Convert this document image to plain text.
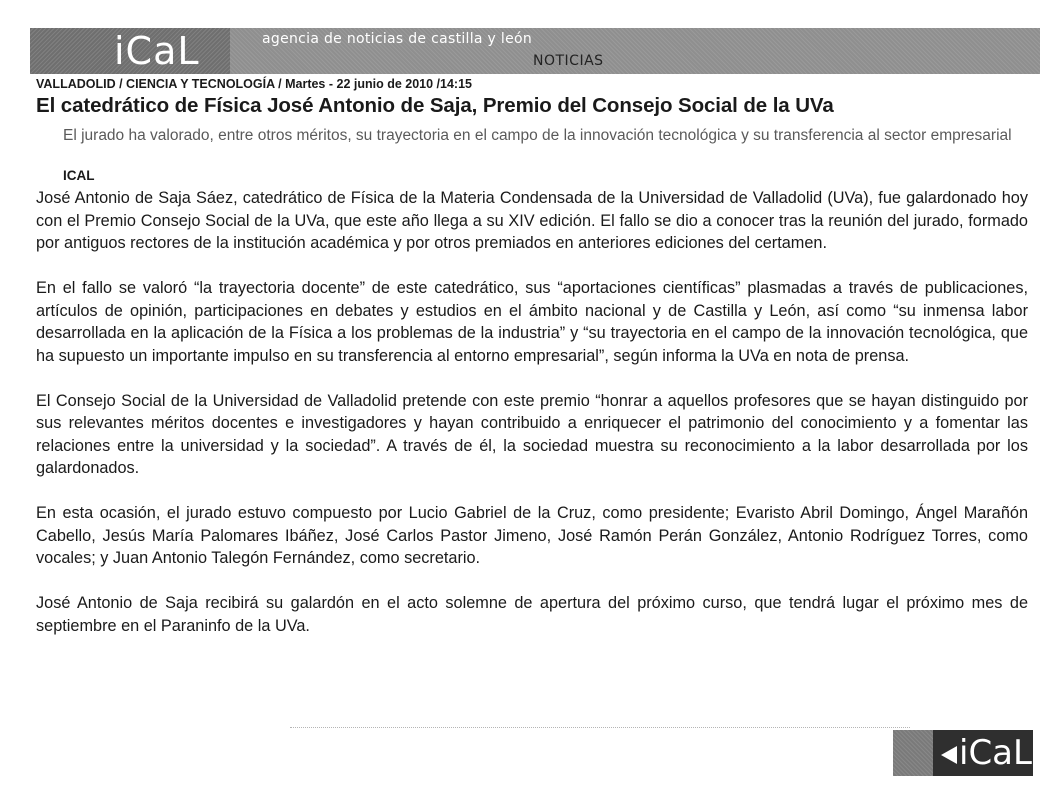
iCaL	agencia de noticias de castilla y león
NOTICIAS
VALLADOLID / CIENCIA Y TECNOLOGÍA / Martes - 22 junio de 2010 /14:15
El catedrático de Física José Antonio de Saja, Premio del Consejo Social de la UVa
El jurado ha valorado, entre otros méritos, su trayectoria en el campo de la innovación tecnológica y su transferencia al sector empresarial
ICAL

José Antonio de Saja Sáez, catedrático de Física de la Materia Condensada de la Universidad de Valladolid (UVa), fue galardonado hoy con el Premio Consejo Social de la UVa, que este año llega a su XIV edición. El fallo se dio a conocer tras la reunión del jurado, formado por antiguos rectores de la institución académica y por otros premiados en anteriores ediciones del certamen.

En el fallo se valoró “la trayectoria docente” de este catedrático, sus “aportaciones científicas” plasmadas a través de publicaciones, artículos de opinión, participaciones en debates y estudios en el ámbito nacional y de Castilla y León, así como “su inmensa labor desarrollada en la aplicación de la Física a los problemas de la industria” y “su trayectoria en el campo de la innovación tecnológica, que ha supuesto un importante impulso en su transferencia al entorno empresarial”, según informa la UVa en nota de prensa.

El Consejo Social de la Universidad de Valladolid pretende con este premio “honrar a aquellos profesores que se hayan distinguido por sus relevantes méritos docentes e investigadores y hayan contribuido a enriquecer el patrimonio del conocimiento y a fomentar las relaciones entre la universidad y la sociedad”. A través de él, la sociedad muestra su reconocimiento a la labor desarrollada por los galardonados.

En esta ocasión, el jurado estuvo compuesto por Lucio Gabriel de la Cruz, como presidente; Evaristo Abril Domingo, Ángel Marañón Cabello, Jesús María Palomares Ibáñez, José Carlos Pastor Jimeno, José Ramón Perán González, Antonio Rodríguez Torres, como vocales; y Juan Antonio Talegón Fernández, como secretario.

José Antonio de Saja recibirá su galardón en el acto solemne de apertura del próximo curso, que tendrá lugar el próximo mes de septiembre en el Paraninfo de la UVa.

iCaL
